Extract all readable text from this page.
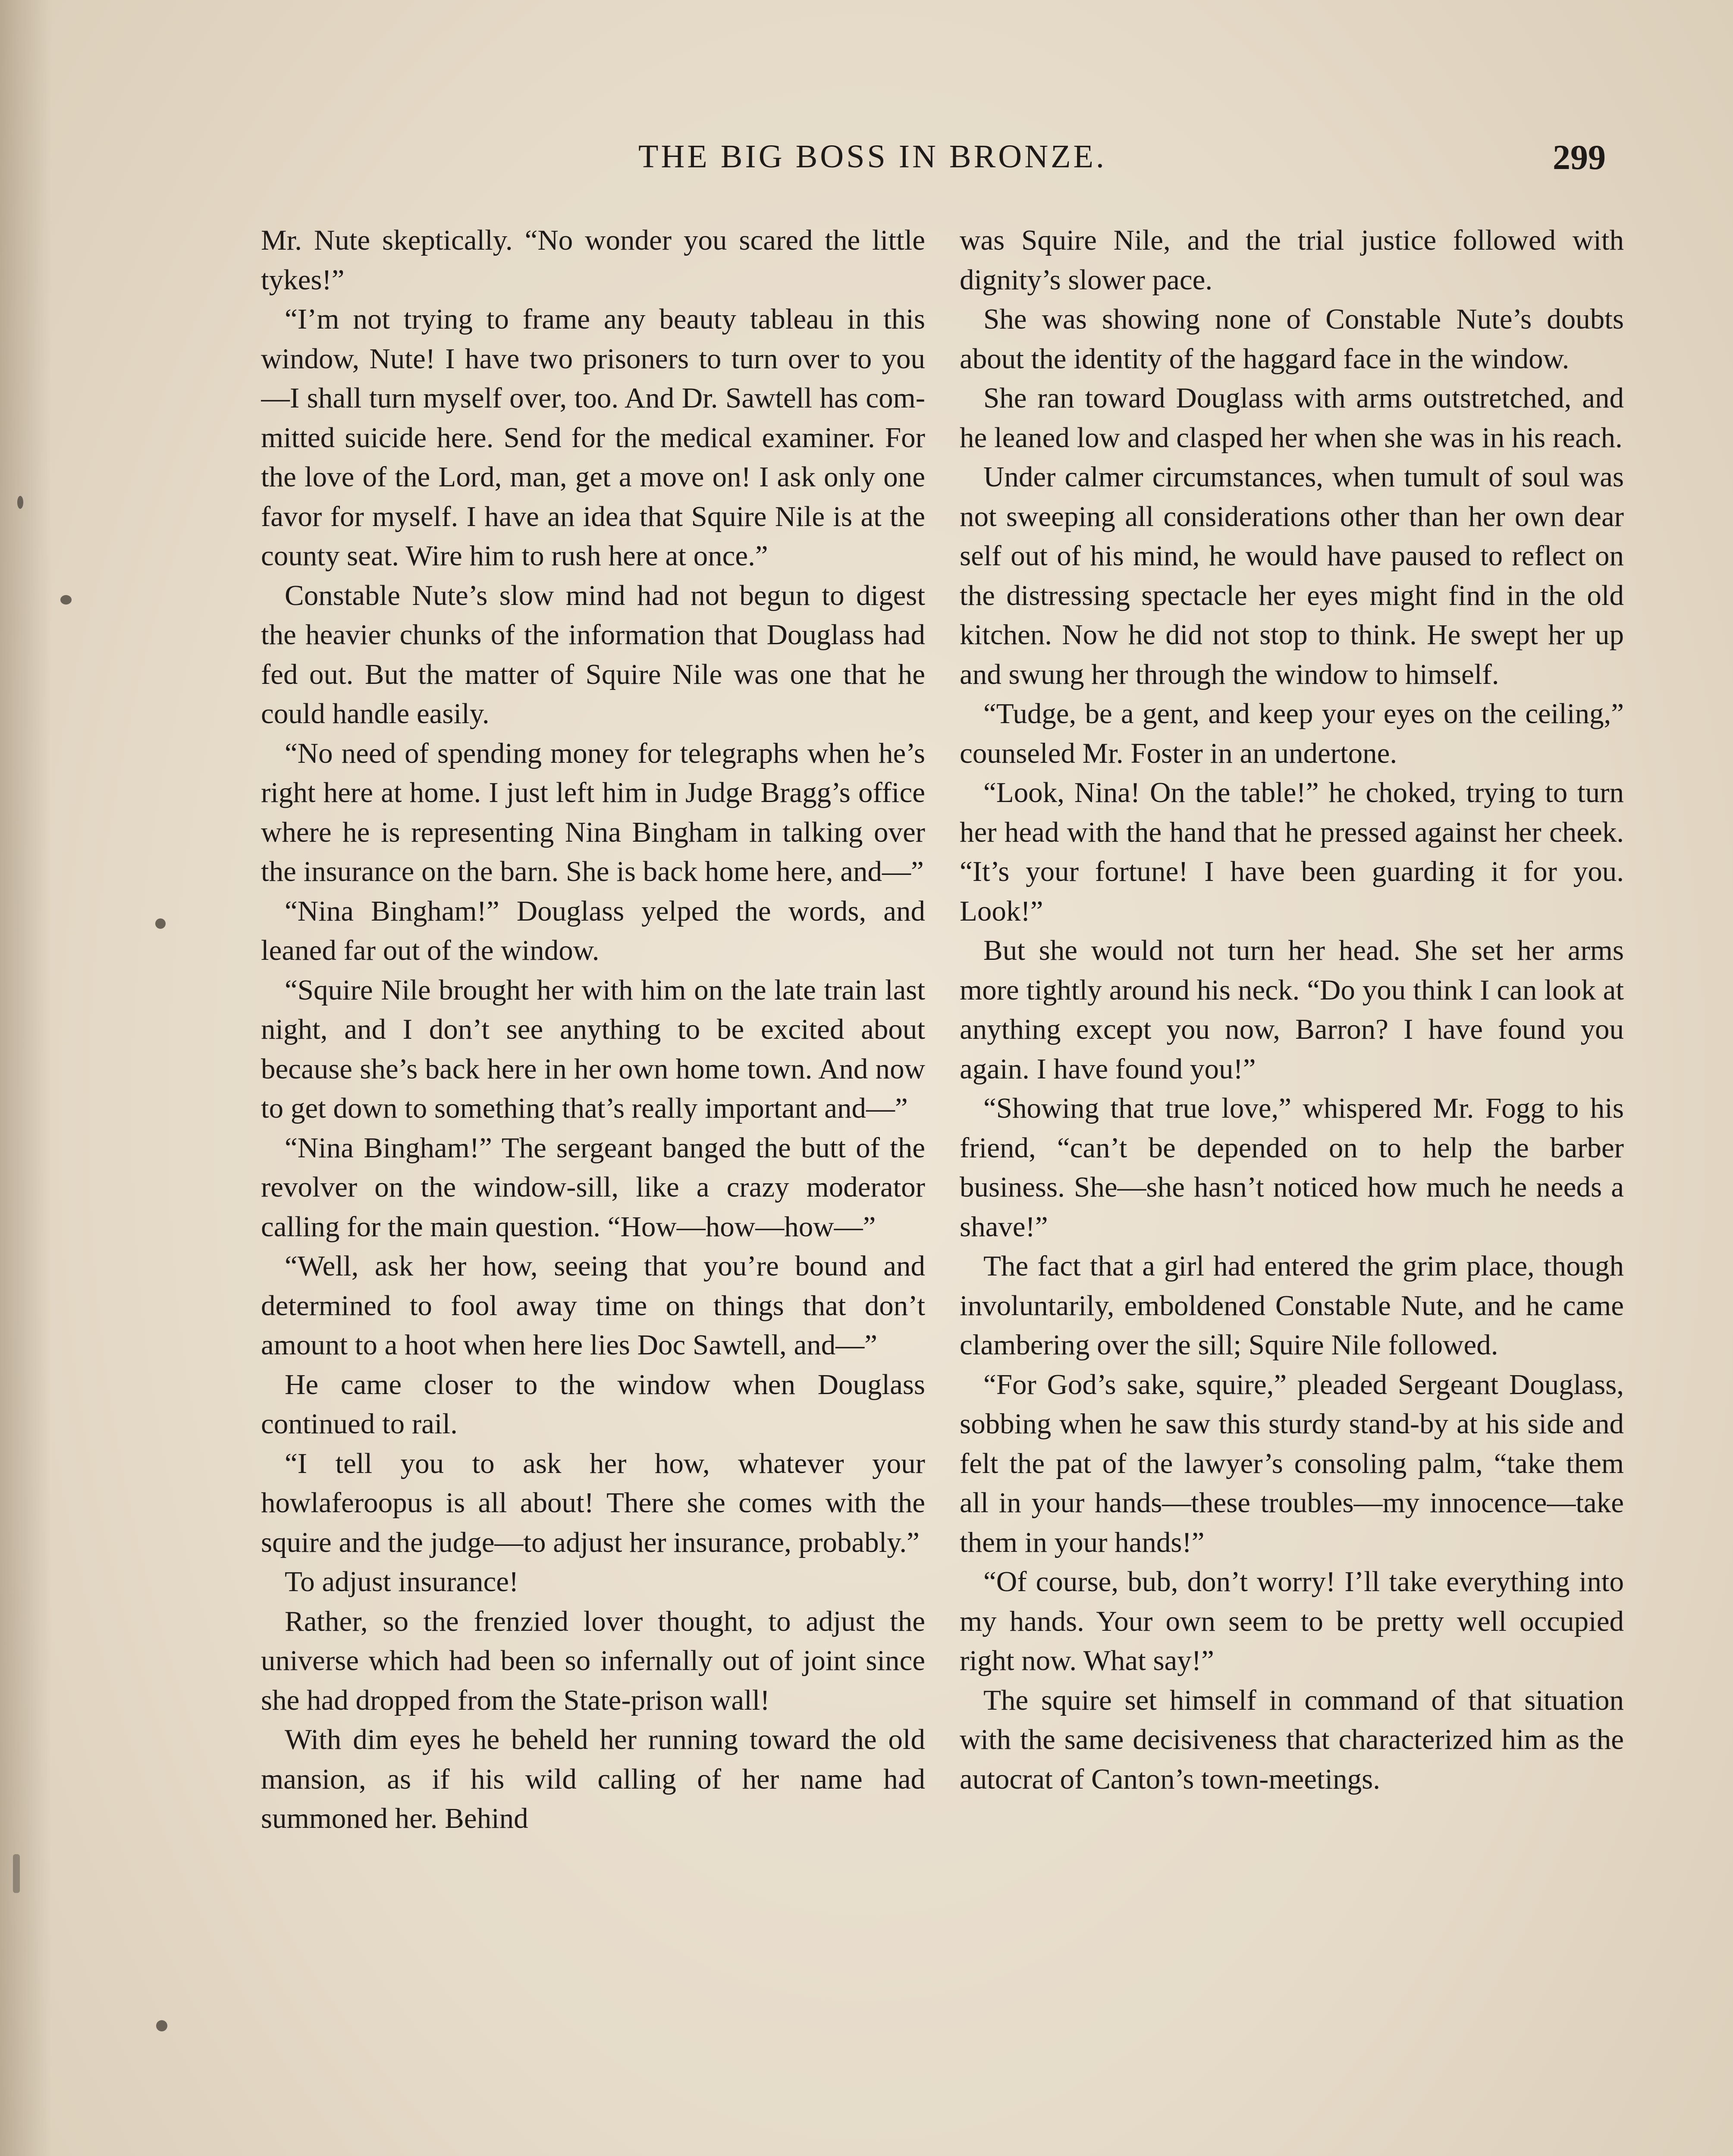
THE BIG BOSS IN BRONZE.	299

Mr. Nute skeptically. “No wonder you scared the little tykes!”

“I’m not trying to frame any beauty tableau in this window, Nute! I have two prisoners to turn over to you—I shall turn myself over, too. And Dr. Sawtell has committed suicide here. Send for the medical examiner. For the love of the Lord, man, get a move on! I ask only one favor for myself. I have an idea that Squire Nile is at the county seat. Wire him to rush here at once.”

Constable Nute’s slow mind had not begun to digest the heavier chunks of the information that Douglass had fed out. But the matter of Squire Nile was one that he could handle easily.

“No need of spending money for telegraphs when he’s right here at home. I just left him in Judge Bragg’s office where he is representing Nina Bingham in talking over the insurance on the barn. She is back home here, and—”

“Nina Bingham!” Douglass yelped the words, and leaned far out of the window.

“Squire Nile brought her with him on the late train last night, and I don’t see anything to be excited about because she’s back here in her own home town. And now to get down to something that’s really important and—”

“Nina Bingham!” The sergeant banged the butt of the revolver on the window-sill, like a crazy moderator calling for the main question. “How—how—how—”

“Well, ask her how, seeing that you’re bound and determined to fool away time on things that don’t amount to a hoot when here lies Doc Sawtell, and—”

He came closer to the window when Douglass continued to rail.

“I tell you to ask her how, whatever your howlaferoopus is all about! There she comes with the squire and the judge—to adjust her insurance, probably.”

To adjust insurance!

Rather, so the frenzied lover thought, to adjust the universe which had been so infernally out of joint since she had dropped from the State-prison wall!

With dim eyes he beheld her running toward the old mansion, as if his wild calling of her name had summoned her. Behind

was Squire Nile, and the trial justice followed with dignity’s slower pace.

She was showing none of Constable Nute’s doubts about the identity of the haggard face in the window.

She ran toward Douglass with arms outstretched, and he leaned low and clasped her when she was in his reach.

Under calmer circumstances, when tumult of soul was not sweeping all considerations other than her own dear self out of his mind, he would have paused to reflect on the distressing spectacle her eyes might find in the old kitchen. Now he did not stop to think. He swept her up and swung her through the window to himself.

“Tudge, be a gent, and keep your eyes on the ceiling,” counseled Mr. Foster in an undertone.

“Look, Nina! On the table!” he choked, trying to turn her head with the hand that he pressed against her cheek. “It’s your fortune! I have been guarding it for you. Look!”

But she would not turn her head. She set her arms more tightly around his neck. “Do you think I can look at anything except you now, Barron? I have found you again. I have found you!”

“Showing that true love,” whispered Mr. Fogg to his friend, “can’t be depended on to help the barber business. She—she hasn’t noticed how much he needs a shave!”

The fact that a girl had entered the grim place, though involuntarily, emboldened Constable Nute, and he came clambering over the sill; Squire Nile followed.

“For God’s sake, squire,” pleaded Sergeant Douglass, sobbing when he saw this sturdy stand-by at his side and felt the pat of the lawyer’s consoling palm, “take them all in your hands—these troubles—my innocence—take them in your hands!”

“Of course, bub, don’t worry! I’ll take everything into my hands. Your own seem to be pretty well occupied right now. What say!”

The squire set himself in command of that situation with the same decisiveness that characterized him as the autocrat of Canton’s town-meetings.
